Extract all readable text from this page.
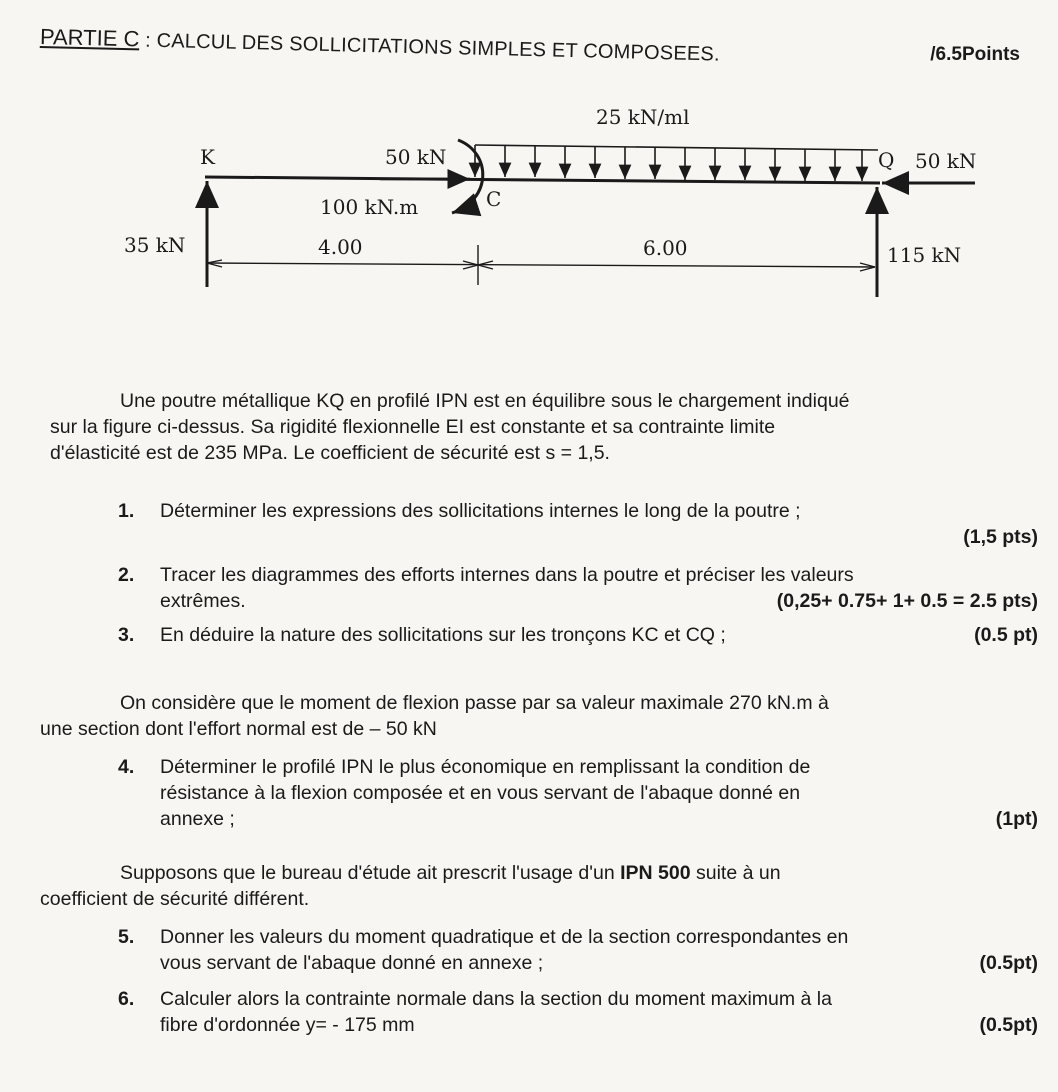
PARTIE C : CALCUL DES SOLLICITATIONS SIMPLES ET COMPOSEES.	/6.5Points
25 kN/ml
K
C
Q
50 kN	50 kN
100 kN.m
35 kN	115 kN
4.00	6.00
Une poutre métallique KQ en profilé IPN est en équilibre sous le chargement indiqué
sur la figure ci-dessus. Sa rigidité flexionnelle EI est constante et sa contrainte limite
d'élasticité est de 235 MPa. Le coefficient de sécurité est s = 1,5.
1. Déterminer les expressions des sollicitations internes le long de la poutre ;
(1,5 pts)
2. Tracer les diagrammes des efforts internes dans la poutre et préciser les valeurs
extrêmes.	(0,25+ 0.75+ 1+ 0.5 = 2.5 pts)
3. En déduire la nature des sollicitations sur les tronçons KC et CQ ;	(0.5 pt)
On considère que le moment de flexion passe par sa valeur maximale 270 kN.m à
une section dont l'effort normal est de – 50 kN
4. Déterminer le profilé IPN le plus économique en remplissant la condition de
résistance à la flexion composée et en vous servant de l'abaque donné en
annexe ;	(1pt)
Supposons que le bureau d'étude ait prescrit l'usage d'un IPN 500 suite à un
coefficient de sécurité différent.
5. Donner les valeurs du moment quadratique et de la section correspondantes en
vous servant de l'abaque donné en annexe ;	(0.5pt)
6. Calculer alors la contrainte normale dans la section du moment maximum à la
fibre d'ordonnée y= - 175 mm	(0.5pt)
